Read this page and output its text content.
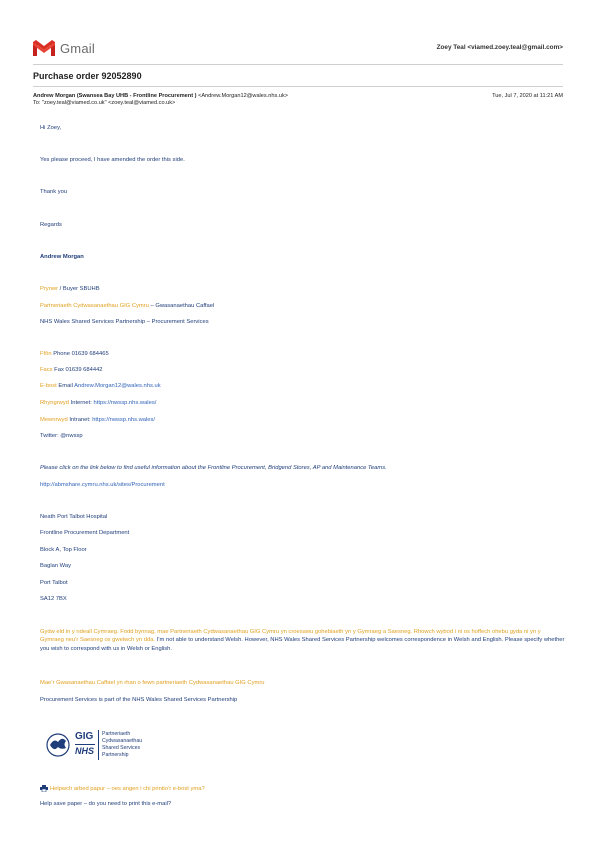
Gmail	Zoey Teal <viamed.zoey.teal@gmail.com>
Purchase order 92052890
Andrew Morgan (Swansea Bay UHB - Frontline Procurement ) <Andrew.Morgan12@wales.nhs.uk>	Tue, Jul 7, 2020 at 11:21 AM
To: "zoey.teal@viamed.co.uk" <zoey.teal@viamed.co.uk>
Hi Zoey,
Yes please proceed, I have amended the order this side.
Thank you
Regards
Andrew Morgan
Prynwr / Buyer SBUHB
Partneriaeth Cydwasanaethau GIG Cymru – Gwasanaethau Caffael
NHS Wales Shared Services Partnership – Procurement Services
Ffôn Phone 01639 684465
Facs Fax 01639 684442
E-bost Email Andrew.Morgan12@wales.nhs.uk
Rhyngrwyd Internet: https://nwssp.nhs.wales/
Mewnrwyd Intranet: https://nwssp.nhs.wales/
Twitter: @nwssp
Please click on the link below to find useful information about the Frontline Procurement, Bridgend Stores, AP and Maintenance Teams.
http://abmshare.cymru.nhs.uk/sites/Procurement
Neath Port Talbot Hospital
Frontline Procurement Department
Block A, Top Floor
Baglan Way
Port Talbot
SA12 7BX
Gydw eld in y ndeall Cymraeg. Fodd bynnag, mae Partneriaeth Cydwasanaethau GIG Cymru yn croesawu gohebiaeth yn y Gymraeg a Saesneg. Rhowch wybod i ni os hoffech ohebu gyda ni yn y Gymraeg neu’r Saesneg os gwelwch yn dda. I’m not able to understand Welsh. However, NHS Wales Shared Services Partnership welcomes correspondence in Welsh and English. Please specify whether you wish to correspond with us in Welsh or English.
Mae’r Gwasanaethau Caffael yn rhan o fewn partneriaeth Cydwasanaethau GIG Cymru
Procurement Services is part of the NHS Wales Shared Services Partnership
GIG
NHS
Partneriaeth
Cydwasanaethau
Shared Services
Partnership
Helpwch arbed papur – oes angen i chi printio’r e-bost yma?
Help save paper – do you need to print this e-mail?
